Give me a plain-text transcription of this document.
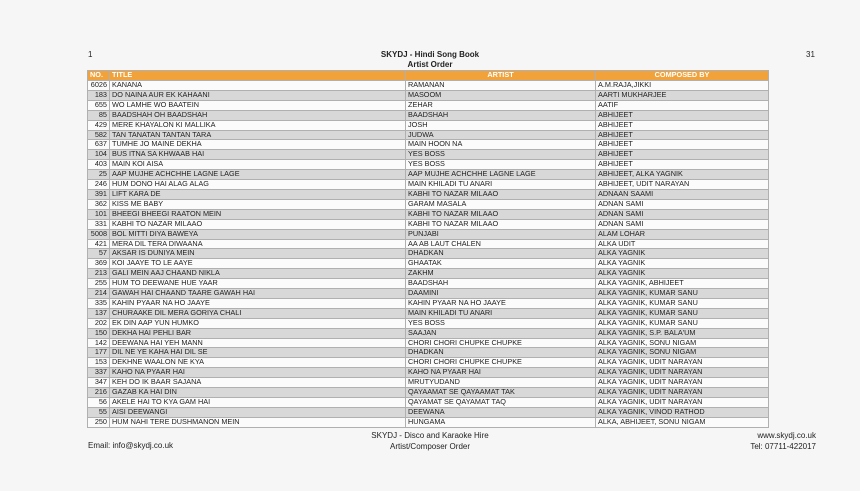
1	31
SKYDJ - Hindi Song Book
Artist Order
NO.	TITLE	ARTIST	COMPOSED BY
6026	KANANA	RAMANAN	A.M.RAJA,JIKKI
183	DO NAINA AUR EK KAHAANI	MASOOM	AARTI MUKHARJEE
655	WO LAMHE WO BAATEIN	ZEHAR	AATIF
85	BAADSHAH OH BAADSHAH	BAADSHAH	ABHIJEET
429	MERE KHAYALON KI MALLIKA	JOSH	ABHIJEET
582	TAN TANATAN TANTAN TARA	JUDWA	ABHIJEET
637	TUMHE JO MAINE DEKHA	MAIN HOON NA	ABHIJEET
104	BUS ITNA SA KHWAAB HAI	YES BOSS	ABHIJEET
403	MAIN KOI AISA	YES BOSS	ABHIJEET
25	AAP MUJHE ACHCHHE LAGNE LAGE	AAP MUJHE ACHCHHE LAGNE LAGE	ABHIJEET, ALKA YAGNIK
246	HUM DONO HAI ALAG ALAG	MAIN KHILADI TU ANARI	ABHIJEET, UDIT NARAYAN
391	LIFT KARA DE	KABHI TO NAZAR MILAAO	ADNAAN SAAMI
362	KISS ME BABY	GARAM MASALA	ADNAN SAMI
101	BHEEGI BHEEGI RAATON MEIN	KABHI TO NAZAR MILAAO	ADNAN SAMI
331	KABHI TO NAZAR MILAAO	KABHI TO NAZAR MILAAO	ADNAN SAMI
5008	BOL MITTI DIYA BAWEYA	PUNJABI	ALAM LOHAR
421	MERA DIL TERA DIWAANA	AA AB LAUT CHALEN	ALKA UDIT
57	AKSAR IS DUNIYA MEIN	DHADKAN	ALKA YAGNIK
369	KOI JAAYE TO LE AAYE	GHAATAK	ALKA YAGNIK
213	GALI MEIN AAJ CHAAND NIKLA	ZAKHM	ALKA YAGNIK
255	HUM TO DEEWANE HUE YAAR	BAADSHAH	ALKA YAGNIK, ABHIJEET
214	GAWAH HAI CHAAND TAARE GAWAH HAI	DAAMINI	ALKA YAGNIK, KUMAR SANU
335	KAHIN PYAAR NA HO JAAYE	KAHIN PYAAR NA HO JAAYE	ALKA YAGNIK, KUMAR SANU
137	CHURAAKE DIL MERA GORIYA CHALI	MAIN KHILADI TU ANARI	ALKA YAGNIK, KUMAR SANU
202	EK DIN AAP YUN HUMKO	YES BOSS	ALKA YAGNIK, KUMAR SANU
150	DEKHA HAI PEHLI BAR	SAAJAN	ALKA YAGNIK, S.P. BALA'UM
142	DEEWANA HAI YEH MANN	CHORI CHORI CHUPKE CHUPKE	ALKA YAGNIK, SONU NIGAM
177	DIL NE YE KAHA HAI DIL SE	DHADKAN	ALKA YAGNIK, SONU NIGAM
153	DEKHNE WAALON NE KYA	CHORI CHORI CHUPKE CHUPKE	ALKA YAGNIK, UDIT NARAYAN
337	KAHO NA PYAAR HAI	KAHO NA PYAAR HAI	ALKA YAGNIK, UDIT NARAYAN
347	KEH DO IK BAAR SAJANA	MRUTYUDAND	ALKA YAGNIK, UDIT NARAYAN
216	GAZAB KA HAI DIN	QAYAAMAT SE QAYAAMAT TAK	ALKA YAGNIK, UDIT NARAYAN
56	AKELE HAI TO KYA GAM HAI	QAYAMAT SE QAYAMAT TAQ	ALKA YAGNIK, UDIT NARAYAN
55	AISI DEEWANGI	DEEWANA	ALKA YAGNIK, VINOD RATHOD
250	HUM NAHI TERE DUSHMANON MEIN	HUNGAMA	ALKA, ABHIJEET, SONU NIGAM
Email: info@skydj.co.uk
SKYDJ - Disco and Karaoke Hire
Artist/Composer Order
www.skydj.co.uk
Tel: 07711-422017
